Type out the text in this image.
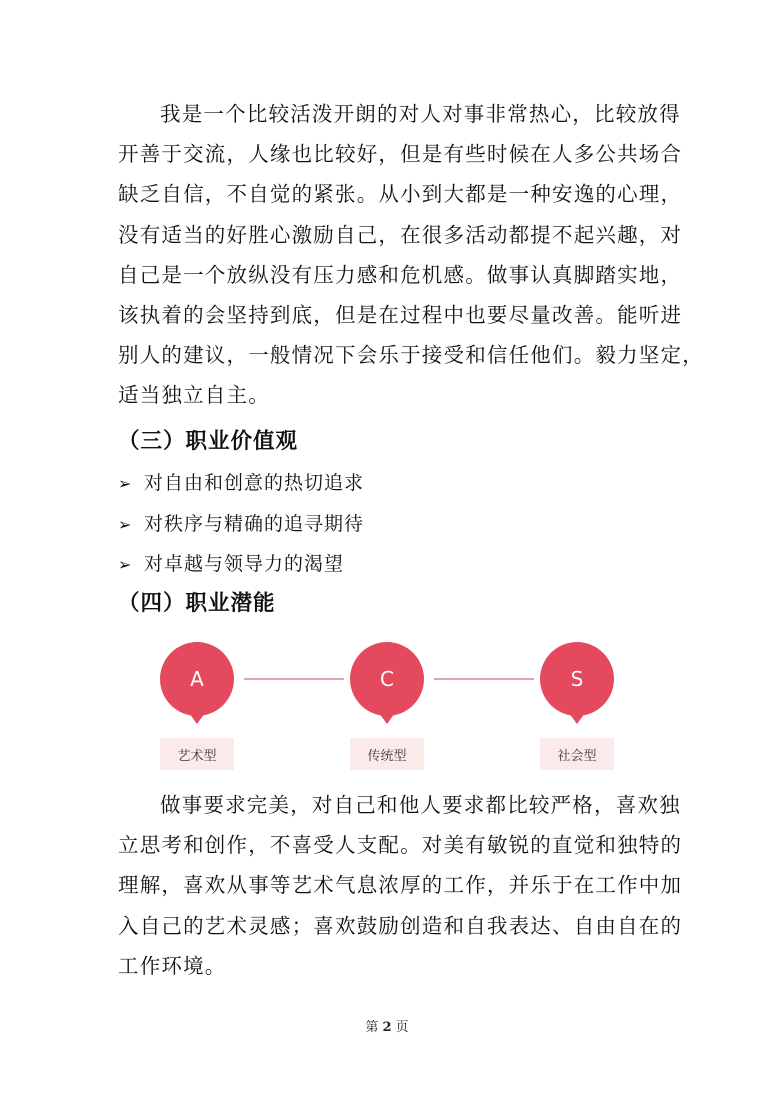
我是一个比较活泼开朗的对人对事非常热心，比较放得
开善于交流，人缘也比较好，但是有些时候在人多公共场合
缺乏自信，不自觉的紧张。从小到大都是一种安逸的心理，
没有适当的好胜心激励自己，在很多活动都提不起兴趣，对
自己是一个放纵没有压力感和危机感。做事认真脚踏实地，
该执着的会坚持到底，但是在过程中也要尽量改善。能听进
别人的建议，一般情况下会乐于接受和信任他们。毅力坚定，
适当独立自主。
（三）职业价值观
➢ 对自由和创意的热切追求
➢ 对秩序与精确的追寻期待
➢ 对卓越与领导力的渴望
（四）职业潜能
A
艺术型
C
传统型
S
社会型
做事要求完美，对自己和他人要求都比较严格，喜欢独
立思考和创作，不喜受人支配。对美有敏锐的直觉和独特的
理解，喜欢从事等艺术气息浓厚的工作，并乐于在工作中加
入自己的艺术灵感；喜欢鼓励创造和自我表达、自由自在的
工作环境。
第 2 页
